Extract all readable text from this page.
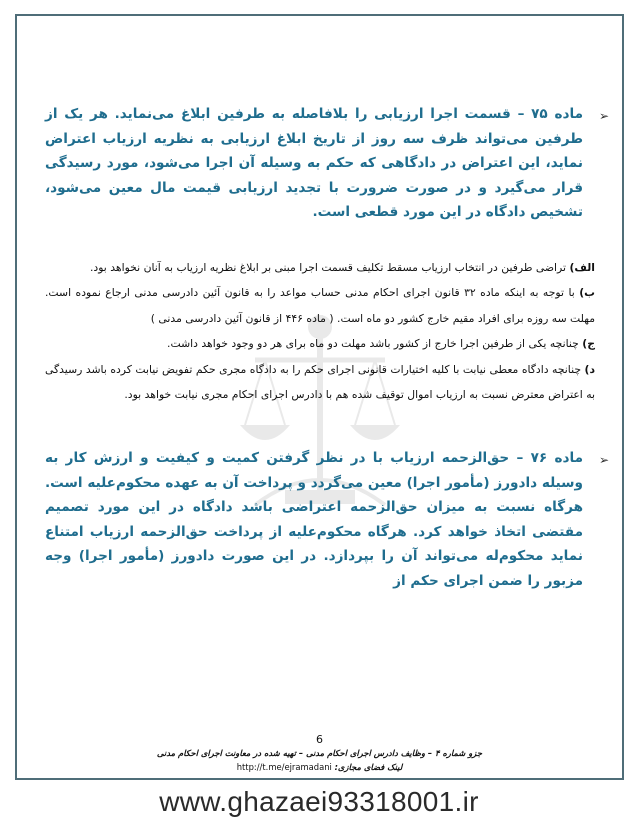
➢
ماده ۷۵ – قسمت اجرا ارزیابی را بلافاصله به طرفین ابلاغ می‌نماید. هر یک از طرفین می‌تواند ظرف سه روز از تاریخ ابلاغ ارزیابی به نظریه ارزیاب اعتراض نماید، این اعتراض در دادگاهی که حکم به وسیله آن اجرا می‌شود، مورد رسیدگی قرار می‌گیرد و در صورت ضرورت با تجدید ارزیابی قیمت مال معین می‌شود، تشخیص دادگاه در این مورد قطعی است.

الف) تراضی طرفین در انتخاب ارزیاب مسقط تکلیف قسمت اجرا مبنی بر ابلاغ نظریه ارزیاب به آنان نخواهد بود.

ب) با توجه به اینکه ماده ۳۲ قانون اجرای احکام مدنی حساب مواعد را به قانون آئین دادرسی مدنی ارجاع نموده است. مهلت سه روزه برای افراد مقیم خارج کشور دو ماه است. ( ماده ۴۴۶ از قانون آئین دادرسی مدنی )

ج) چنانچه یکی از طرفین اجرا خارج از کشور باشد مهلت دو ماه برای هر دو وجود خواهد داشت.

د) چنانچه دادگاه معطی نیابت با کلیه اختیارات قانونی اجرای حکم را به دادگاه مجری حکم تفویض نیابت کرده باشد رسیدگی به اعتراض معترض نسبت به ارزیاب اموال توقیف شده هم با دادرس اجرای احکام مجری نیابت خواهد بود.

➢
ماده ۷۶ – حق‌الزحمه ارزیاب با در نظر گرفتن کمیت و کیفیت و ارزش کار به وسیله دادورز (مأمور اجرا) معین می‌گردد و پرداخت آن به عهده محکوم‌علیه است. هرگاه نسبت به میزان حق‌الزحمه اعتراضی باشد دادگاه در این مورد تصمیم مقتضی اتخاذ خواهد کرد. هرگاه محکوم‌علیه از پرداخت حق‌الزحمه ارزیاب امتناع نماید محکوم‌له می‌تواند آن را بپردازد. در این صورت دادورز (مأمور اجرا) وجه مزبور را ضمن اجرای حکم از
6
جزو شماره ۴ – وظایف دادرس اجرای احکام مدنی – تهیه شده در معاونت اجرای احکام مدنی
لینک فضای مجازی: http://t.me/ejramadani
www.ghazaei93318001.ir
